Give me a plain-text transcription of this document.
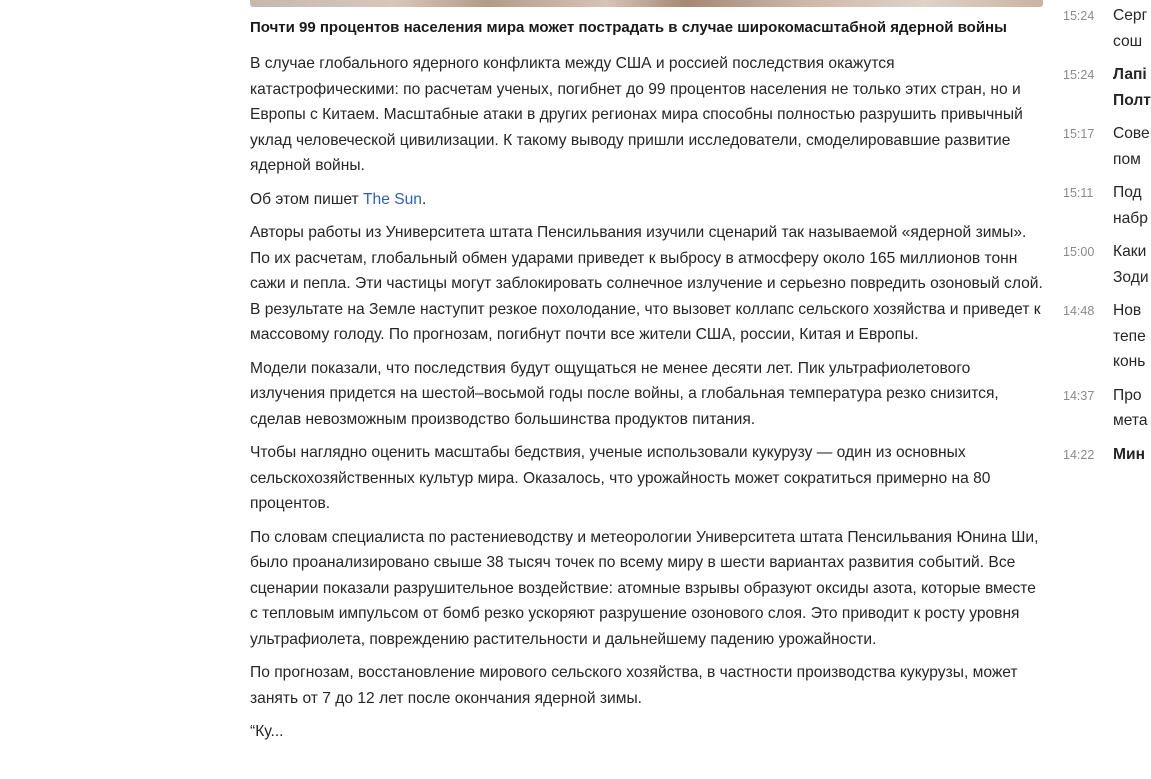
Почти 99 процентов населения мира может пострадать в случае широкомасштабной ядерной войны

В случае глобального ядерного конфликта между США и россией последствия окажутся катастрофическими: по расчетам ученых, погибнет до 99 процентов населения не только этих стран, но и Европы с Китаем. Масштабные атаки в других регионах мира способны полностью разрушить привычный уклад человеческой цивилизации. К такому выводу пришли исследователи, смоделировавшие развитие ядерной войны.

Об этом пишет The Sun.

Авторы работы из Университета штата Пенсильвания изучили сценарий так называемой «ядерной зимы». По их расчетам, глобальный обмен ударами приведет к выбросу в атмосферу около 165 миллионов тонн сажи и пепла. Эти частицы могут заблокировать солнечное излучение и серьезно повредить озоновый слой. В результате на Земле наступит резкое похолодание, что вызовет коллапс сельского хозяйства и приведет к массовому голоду. По прогнозам, погибнут почти все жители США, россии, Китая и Европы.

Модели показали, что последствия будут ощущаться не менее десяти лет. Пик ультрафиолетового излучения придется на шестой–восьмой годы после войны, а глобальная температура резко снизится, сделав невозможным производство большинства продуктов питания.

Чтобы наглядно оценить масштабы бедствия, ученые использовали кукурузу — один из основных сельскохозяйственных культур мира. Оказалось, что урожайность может сократиться примерно на 80 процентов.

По словам специалиста по растениеводству и метеорологии Университета штата Пенсильвания Юнина Ши, было проанализировано свыше 38 тысяч точек по всему миру в шести вариантах развития событий. Все сценарии показали разрушительное воздействие: атомные взрывы образуют оксиды азота, которые вместе с тепловым импульсом от бомб резко ускоряют разрушение озонового слоя. Это приводит к росту уровня ультрафиолета, повреждению растительности и дальнейшему падению урожайности.

По прогнозам, восстановление мирового сельского хозяйства, в частности производства кукурузы, может занять от 7 до 12 лет после окончания ядерной зимы.

“Ку...

15:24	Серг
сош
15:24	Лапі
Полт
15:17	Сове
пом
15:11	Под
набр
15:00	Каки
Зоди
14:48	Нов
тепе
конь
14:37	Про
мета
14:22	Мин
